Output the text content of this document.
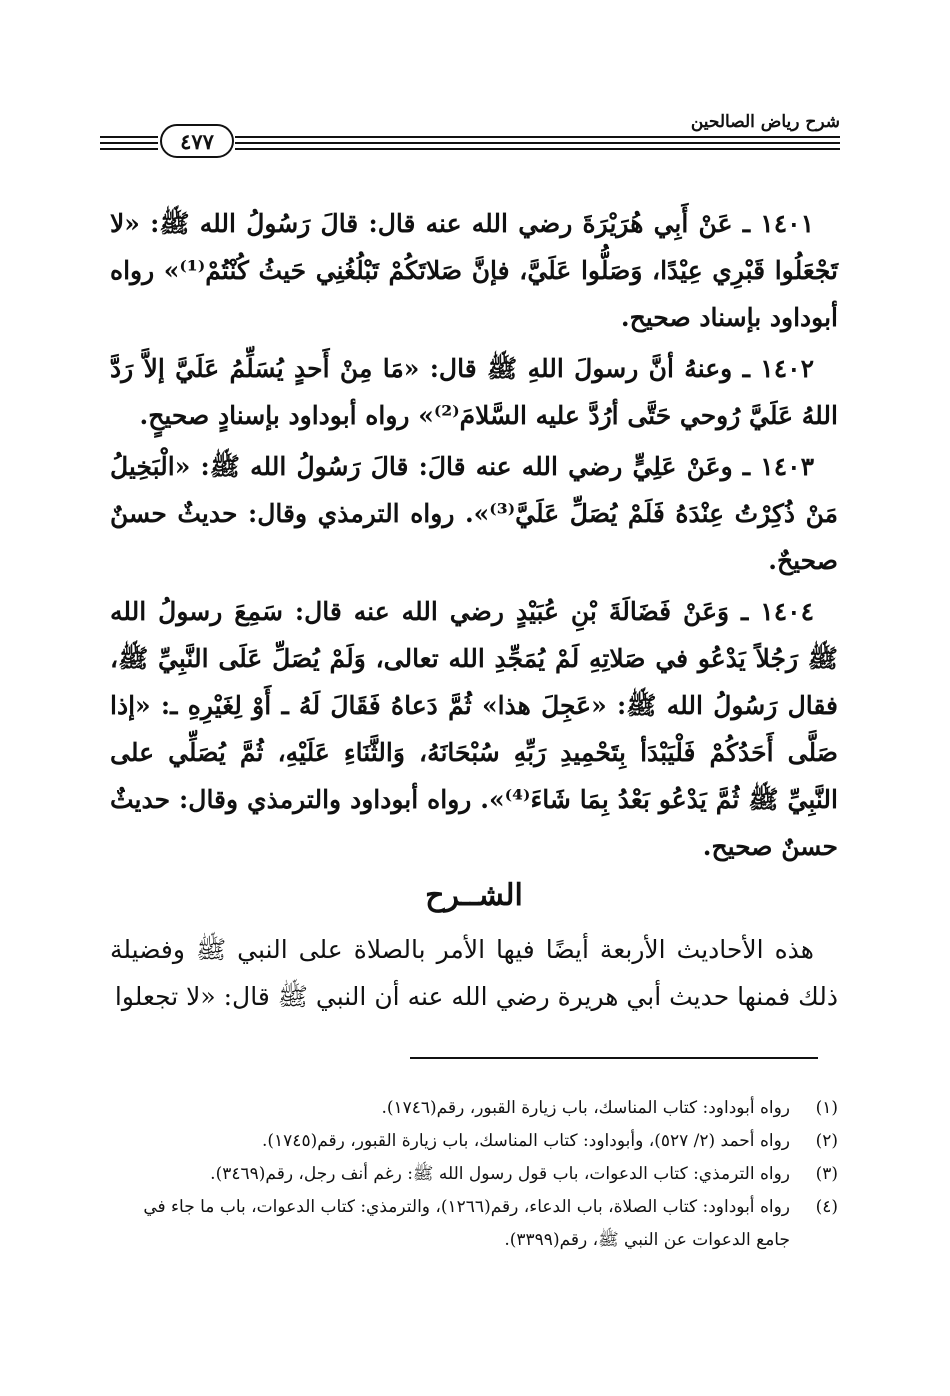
شرح رياض الصالحين
٤٧٧

١٤٠١ ـ عَنْ أَبِي هُرَيْرَةَ رضي الله عنه قال: قالَ رَسُولُ الله ﷺ: «لا تَجْعَلُوا قَبْرِي عِيْدًا، وَصَلُّوا عَلَيَّ، فإنَّ صَلاتَكُمْ تَبْلُغُنِي حَيثُ كُنْتُمْ⁽¹⁾» رواه أبوداود بإسناد صحيح.

١٤٠٢ ـ وعنهُ أنَّ رسولَ اللهِ ﷺ قال: «مَا مِنْ أَحدٍ يُسَلِّمُ عَلَيَّ إلاَّ رَدَّ اللهُ عَلَيَّ رُوحي حَتَّى أرُدَّ عليه السَّلامَ⁽²⁾» رواه أبوداود بإسنادٍ صحيحٍ.

١٤٠٣ ـ وعَنْ عَلِيٍّ رضي الله عنه قالَ: قالَ رَسُولُ الله ﷺ: «الْبَخِيلُ مَنْ ذُكِرْتُ عِنْدَهُ فَلَمْ يُصَلِّ عَلَيَّ⁽³⁾». رواه الترمذي وقال: حديثٌ حسنٌ صحيحٌ.

١٤٠٤ ـ وَعَنْ فَضَالَةَ بْنِ عُبَيْدٍ رضي الله عنه قال: سَمِعَ رسولُ الله ﷺ رَجُلاً يَدْعُو في صَلاتِهِ لَمْ يُمَجِّدِ الله تعالى، وَلَمْ يُصَلِّ عَلَى النَّبِيِّ ﷺ، فقال رَسُولُ الله ﷺ: «عَجِلَ هذا» ثُمَّ دَعاهُ فَقَالَ لَهُ ـ أَوْ لِغَيْرِهِ ـ: «إذا صَلَّى أَحَدُكُمْ فَلْيَبْدَأ بِتَحْمِيدِ رَبِّهِ سُبْحَانَهُ، وَالثَّنَاءِ عَلَيْهِ، ثُمَّ يُصَلِّي على النَّبِيِّ ﷺ ثُمَّ يَدْعُو بَعْدُ بِمَا شَاءَ⁽⁴⁾». رواه أبوداود والترمذي وقال: حديثٌ حسنٌ صحيح.

الشــرح

هذه الأحاديث الأربعة أيضًا فيها الأمر بالصلاة على النبي ﷺ وفضيلة ذلك فمنها حديث أبي هريرة رضي الله عنه أن النبي ﷺ قال: «لا تجعلوا

(١)
رواه أبوداود: كتاب المناسك، باب زيارة القبور، رقم(١٧٤٦).
(٢)
رواه أحمد (٢/ ٥٢٧)، وأبوداود: كتاب المناسك، باب زيارة القبور، رقم(١٧٤٥).
(٣)
رواه الترمذي: كتاب الدعوات، باب قول رسول الله ﷺ: رغم أنف رجل، رقم(٣٤٦٩).
(٤)
رواه أبوداود: كتاب الصلاة، باب الدعاء، رقم(١٢٦٦)، والترمذي: كتاب الدعوات، باب ما جاء في جامع الدعوات عن النبي ﷺ، رقم(٣٣٩٩).
